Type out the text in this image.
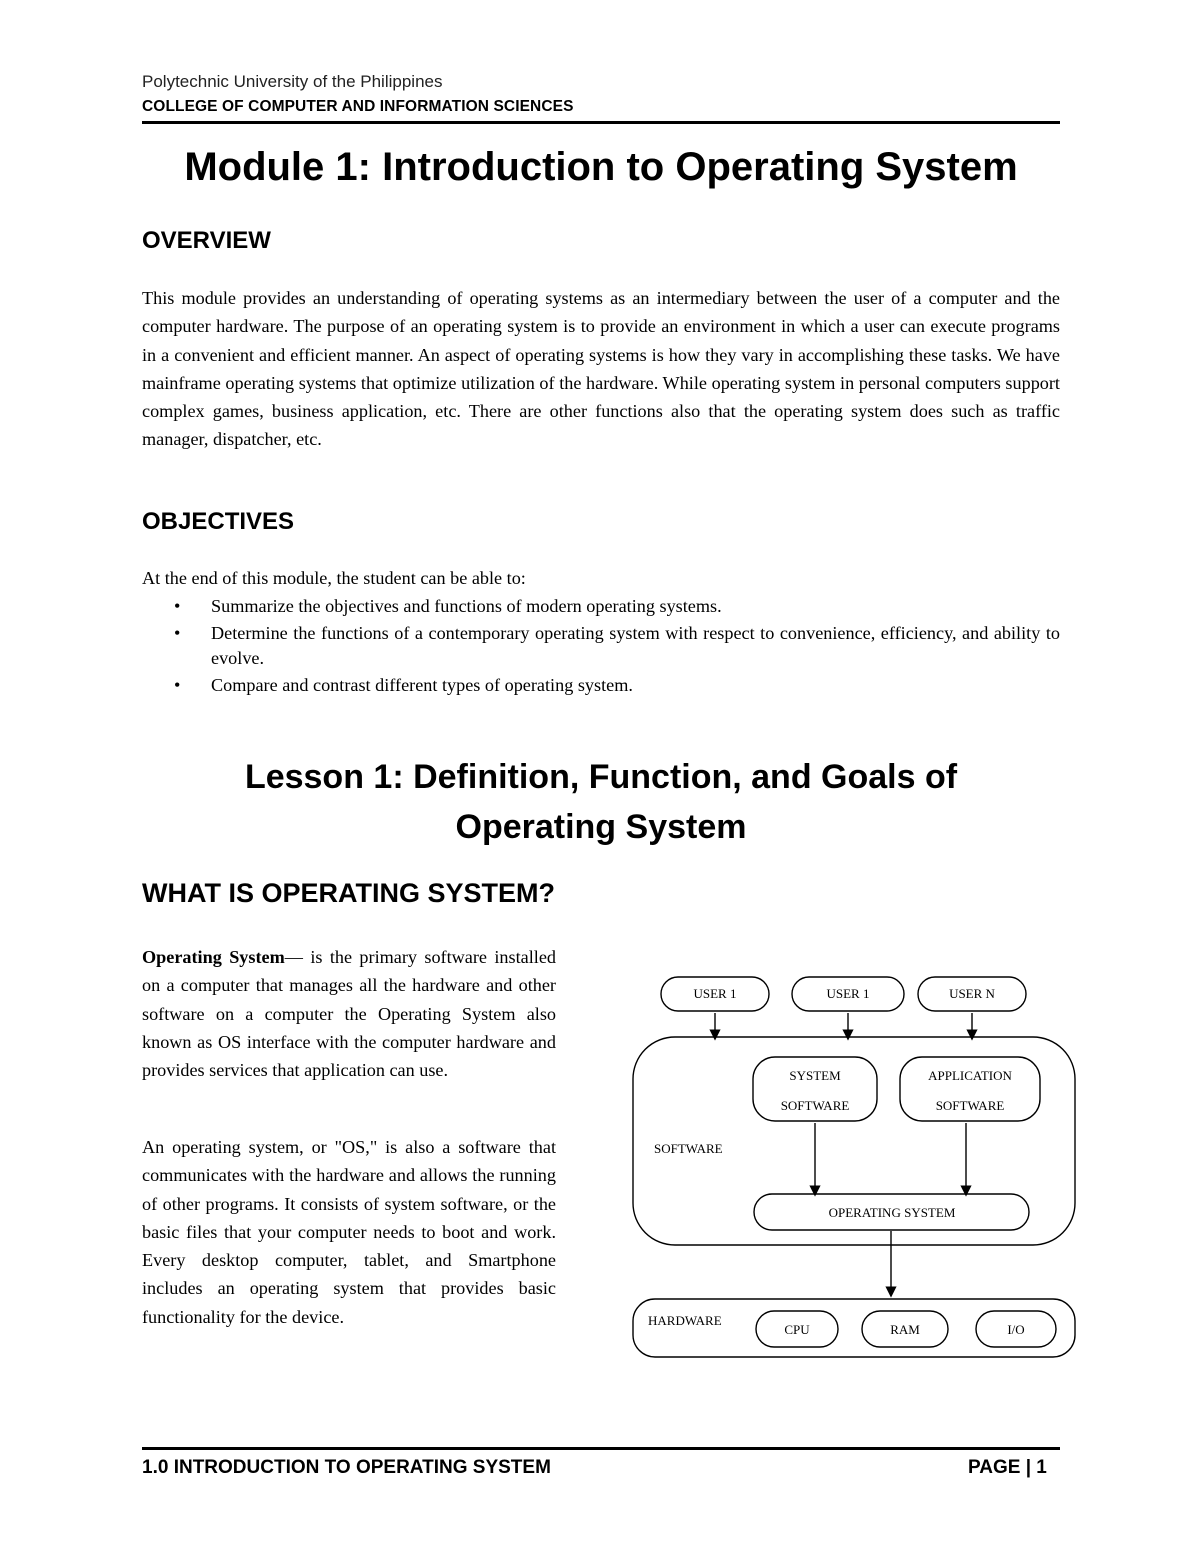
Polytechnic University of the Philippines
COLLEGE OF COMPUTER AND INFORMATION SCIENCES
Module 1: Introduction to Operating System
OVERVIEW
This module provides an understanding of operating systems as an intermediary between the user of a computer and the computer hardware. The purpose of an operating system is to provide an environment in which a user can execute programs in a convenient and efficient manner. An aspect of operating systems is how they vary in accomplishing these tasks. We have mainframe operating systems that optimize utilization of the hardware. While operating system in personal computers support complex games, business application, etc. There are other functions also that the operating system does such as traffic manager, dispatcher, etc.
OBJECTIVES
At the end of this module, the student can be able to:
• Summarize the objectives and functions of modern operating systems.
• Determine the functions of a contemporary operating system with respect to convenience, efficiency, and ability to evolve.
• Compare and contrast different types of operating system.
Lesson 1: Definition, Function, and Goals of
Operating System
WHAT IS OPERATING SYSTEM?
Operating System— is the primary software installed on a computer that manages all the hardware and other software on a computer the Operating System also known as OS interface with the computer hardware and provides services that application can use.
An operating system, or "OS," is also a software that communicates with the hardware and allows the running of other programs. It consists of system software, or the basic files that your computer needs to boot and work. Every desktop computer, tablet, and Smartphone includes an operating system that provides basic functionality for the device.
USER 1	USER 1	USER N
SYSTEM
SOFTWARE
APPLICATION
SOFTWARE
OPERATING SYSTEM
CPU	RAM	I/O
SOFTWARE
HARDWARE
1.0 INTRODUCTION TO OPERATING SYSTEM	PAGE | 1
